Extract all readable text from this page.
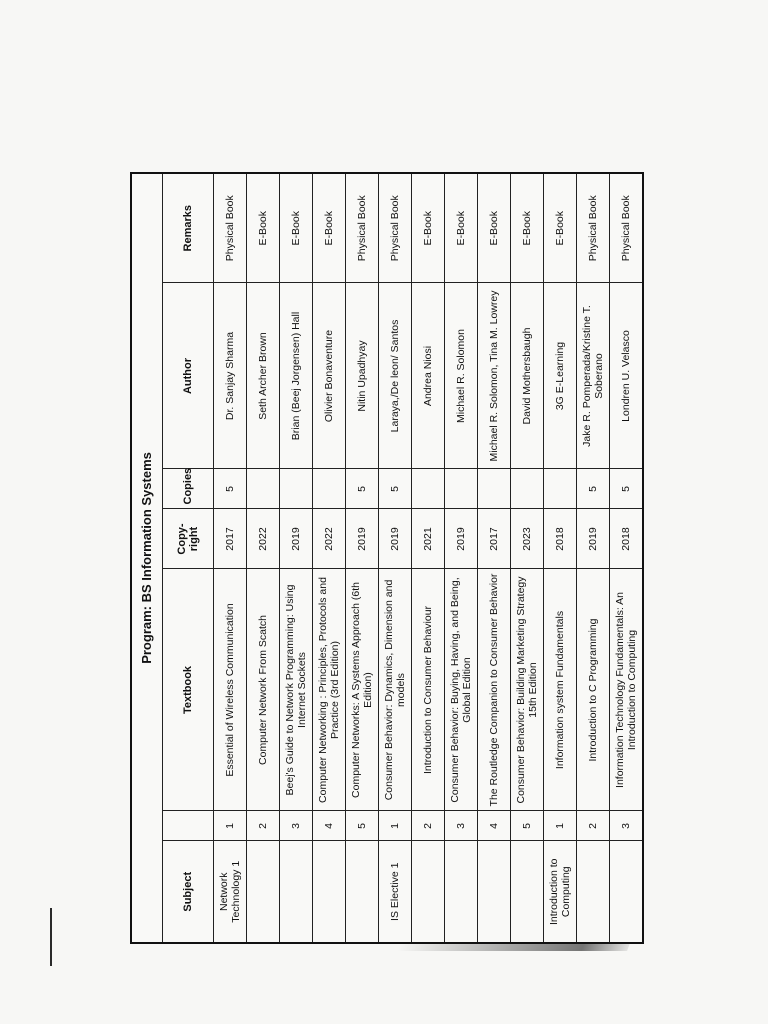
Program: BS Information Systems						
Subject		Textbook	Copy-right	Copies	Author	Remarks
Network Technology 1	1	Essential of Wireless Communication	2017	5	Dr. Sanjay Sharma	Physical Book
	2	Computer Network From Scatch	2022		Seth Archer Brown	E-Book
	3	Beej's Guide to Network Programming: Using Internet Sockets	2019		Brian (Beej Jorgensen) Hall	E-Book
	4	Computer Networking : Principles, Protocols and Practice (3rd Edition)	2022		Olivier Bonaventure	E-Book
	5	Computer Networks: A Systems Approach (6th Edition)	2019	5	Nitin Upadhyay	Physical Book
IS Elective 1	1	Consumer Behavior: Dynamics, Dimension and models	2019	5	Laraya,/De leon/ Santos	Physical Book
	2	Introduction to Consumer Behaviour	2021		Andrea Niosi	E-Book
	3	Consumer Behavior: Buying, Having, and Being, Global Edition	2019		Michael R. Solomon	E-Book
	4	The Routledge Companion to Consumer Behavior	2017		Michael R. Solomon, Tina M. Lowrey	E-Book
	5	Consumer Behavior: Building Marketing Strategy 15th Edition	2023		David Mothersbaugh	E-Book
Introduction to Computing	1	Information system Fundamentals	2018		3G E-Learning	E-Book
	2	Introduction to C Programming	2019	5	Jake R. Pomperada/Kristine T. Soberano	Physical Book
	3	Information Technology Fundamentals: An Introduction to Computing	2018	5	Londren U. Velasco	Physical Book
